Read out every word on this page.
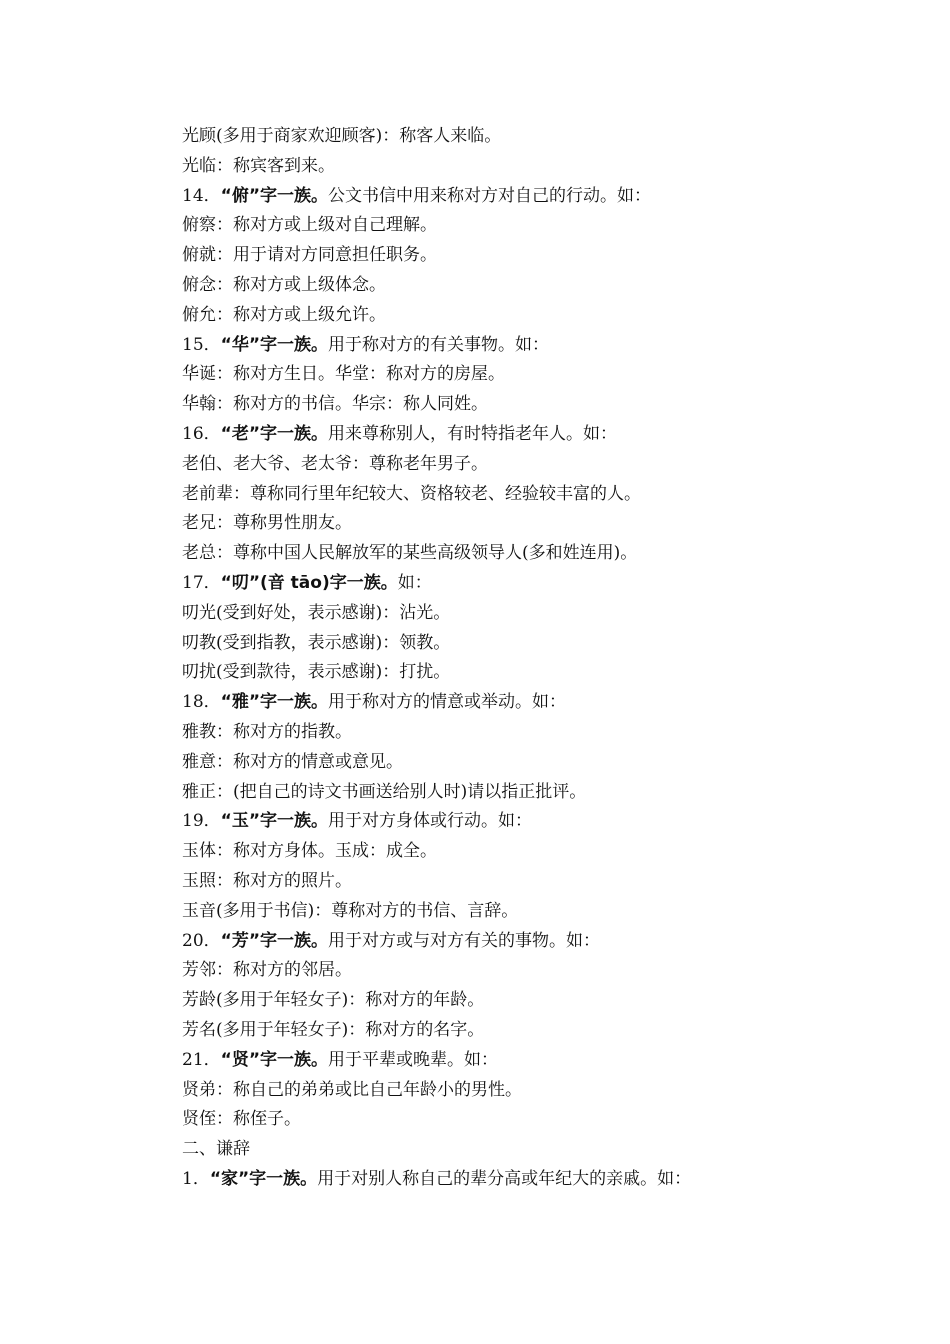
光顾(多用于商家欢迎顾客)：称客人来临。
光临：称宾客到来。
14．“俯”字一族。公文书信中用来称对方对自己的行动。如：
俯察：称对方或上级对自己理解。
俯就：用于请对方同意担任职务。
俯念：称对方或上级体念。
俯允：称对方或上级允许。
15．“华”字一族。用于称对方的有关事物。如：
华诞：称对方生日。华堂：称对方的房屋。
华翰：称对方的书信。华宗：称人同姓。
16．“老”字一族。用来尊称别人，有时特指老年人。如：
老伯、老大爷、老太爷：尊称老年男子。
老前辈：尊称同行里年纪较大、资格较老、经验较丰富的人。
老兄：尊称男性朋友。
老总：尊称中国人民解放军的某些高级领导人(多和姓连用)。
17．“叨”(音 tāo)字一族。如：
叨光(受到好处，表示感谢)：沾光。
叨教(受到指教，表示感谢)：领教。
叨扰(受到款待，表示感谢)：打扰。
18．“雅”字一族。用于称对方的情意或举动。如：
雅教：称对方的指教。
雅意：称对方的情意或意见。
雅正：(把自己的诗文书画送给别人时)请以指正批评。
19．“玉”字一族。用于对方身体或行动。如：
玉体：称对方身体。玉成：成全。
玉照：称对方的照片。
玉音(多用于书信)：尊称对方的书信、言辞。
20．“芳”字一族。用于对方或与对方有关的事物。如：
芳邻：称对方的邻居。
芳龄(多用于年轻女子)：称对方的年龄。
芳名(多用于年轻女子)：称对方的名字。
21．“贤”字一族。用于平辈或晚辈。如：
贤弟：称自己的弟弟或比自己年龄小的男性。
贤侄：称侄子。
二、谦辞
1．“家”字一族。用于对别人称自己的辈分高或年纪大的亲戚。如：
